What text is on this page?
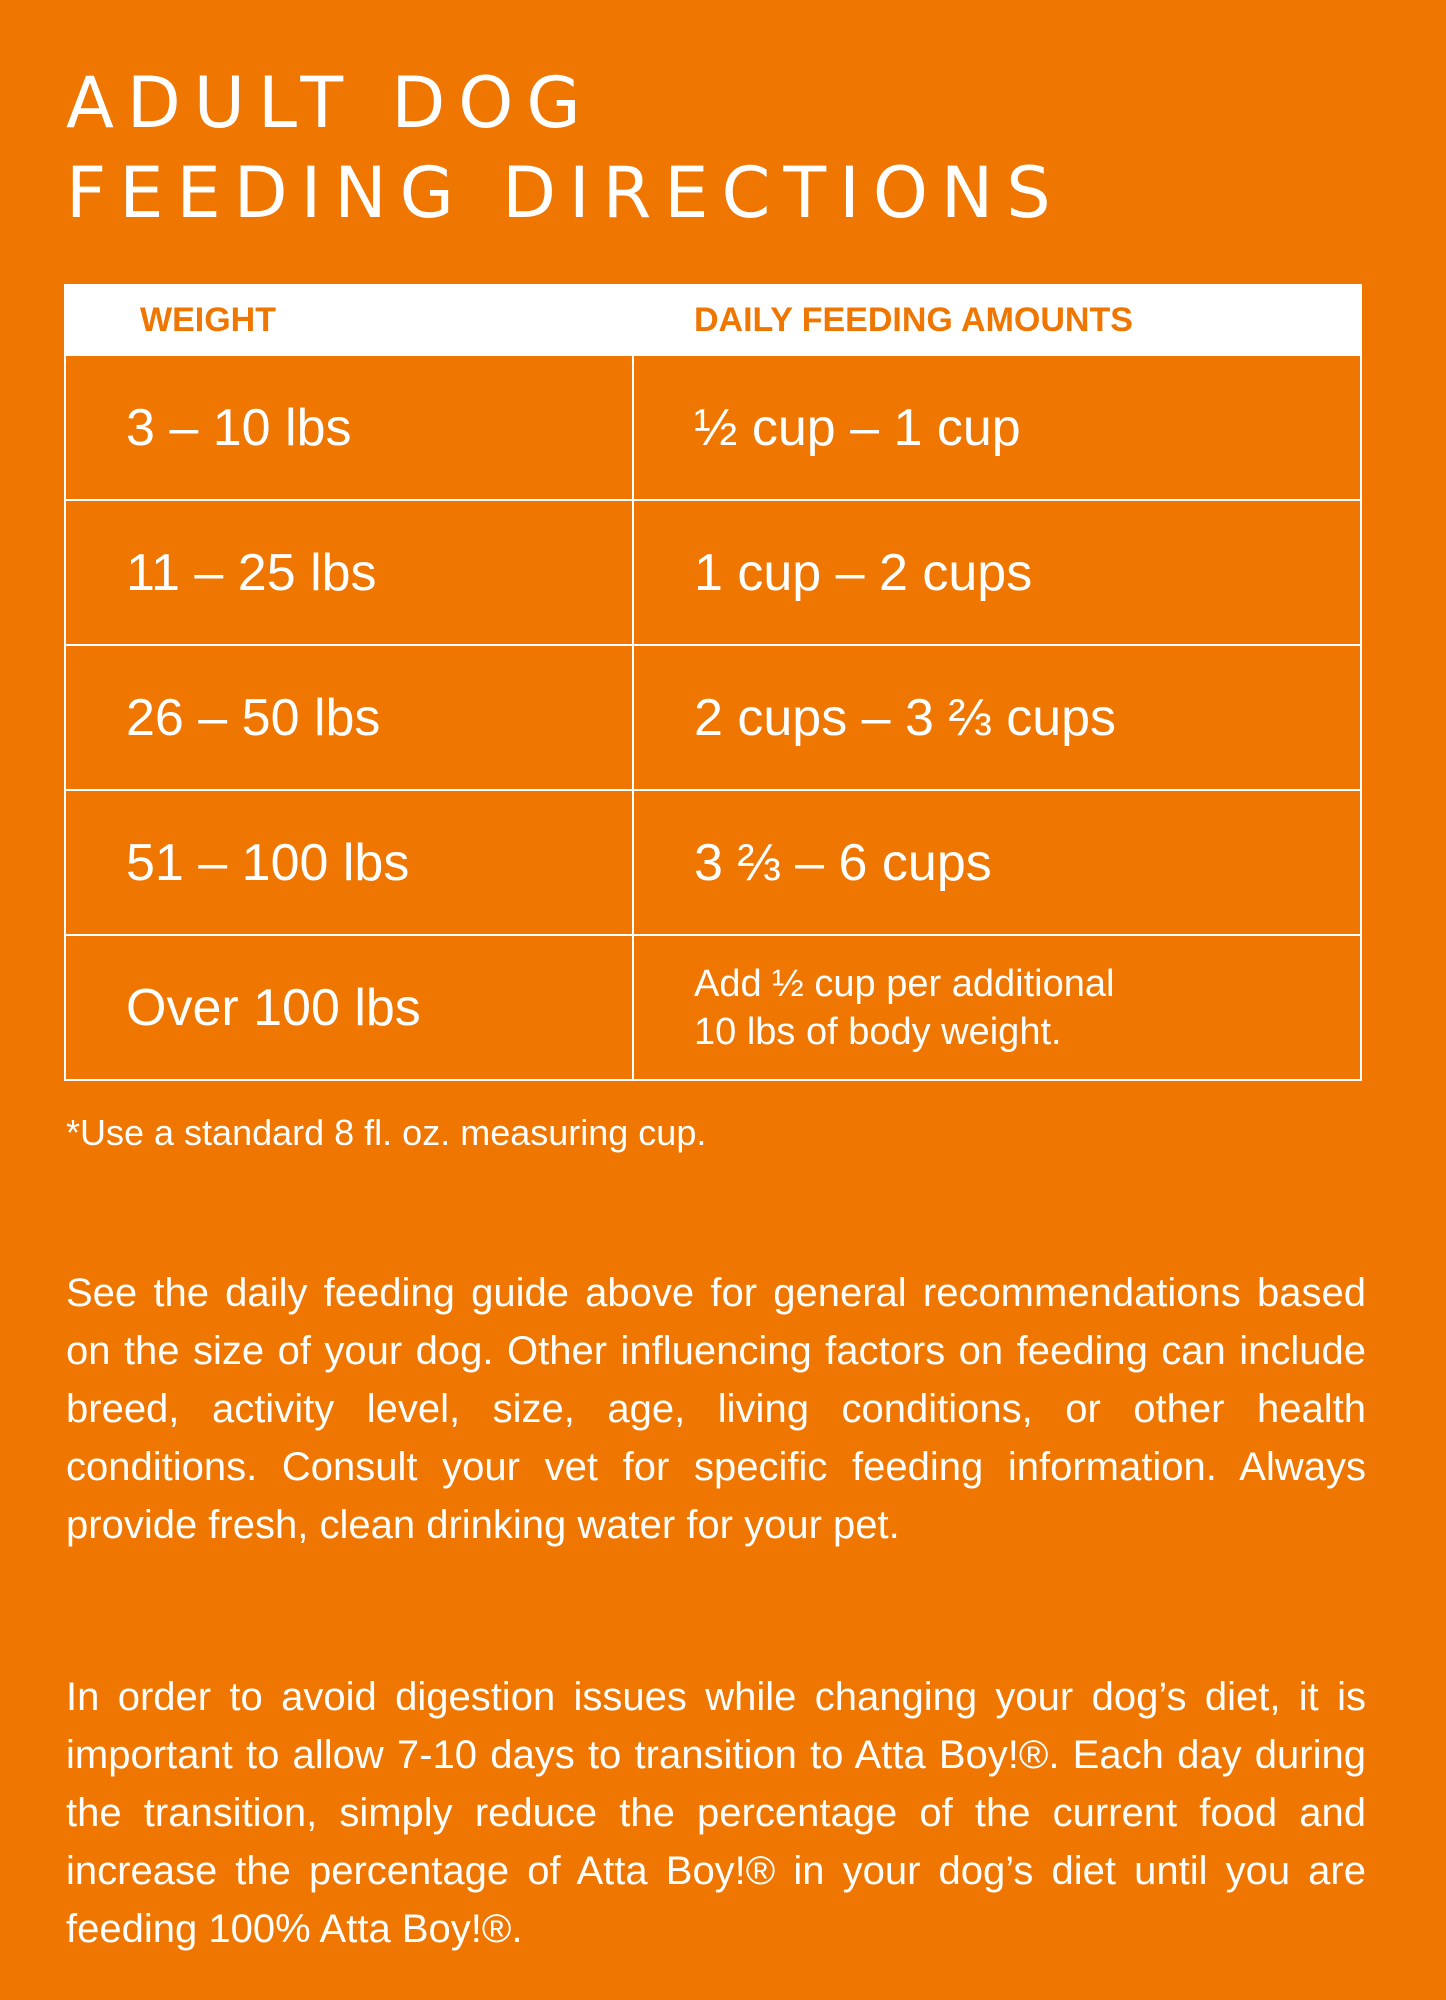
ADULT DOG
FEEDING DIRECTIONS
WEIGHT	DAILY FEEDING AMOUNTS
3 – 10 lbs	½ cup – 1 cup
11 – 25 lbs	1 cup – 2 cups
26 – 50 lbs	2 cups – 3 ⅔ cups
51 – 100 lbs	3 ⅔ – 6 cups
Over 100 lbs	Add ½ cup per additional
10 lbs of body weight.

*Use a standard 8 fl. oz. measuring cup.

See the daily feeding guide above for general recommendations based on the size of your dog. Other influencing factors on feeding can include breed, activity level, size, age, living conditions, or other health conditions. Consult your vet for specific feeding information. Always provide fresh, clean drinking water for your pet.

In order to avoid digestion issues while changing your dog’s diet, it is important to allow 7-10 days to transition to Atta Boy!®. Each day during the transition, simply reduce the percentage of the current food and increase the percentage of Atta Boy!® in your dog’s diet until you are feeding 100% Atta Boy!®.
